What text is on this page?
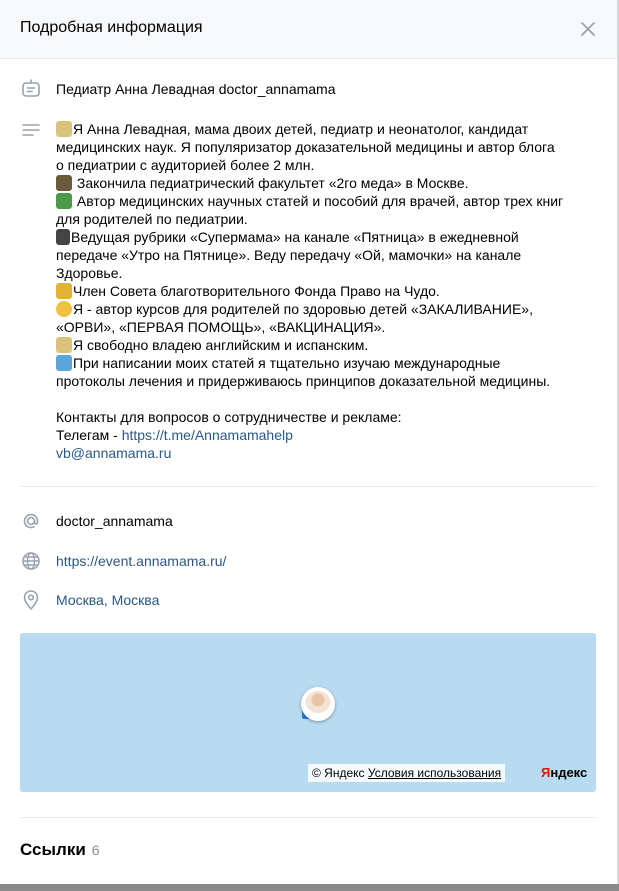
Подробная информация
Педиатр Анна Левадная doctor_annamama

Я Анна Левадная, мама двоих детей, педиатр и неонатолог, кандидат

медицинских наук. Я популяризатор доказательной медицины и автор блога

о педиатрии с аудиторией более 2 млн.

Закончила педиатрический факультет «2го меда» в Москве.

Автор медицинских научных статей и пособий для врачей, автор трех книг

для родителей по педиатрии.

Ведущая рубрики «Супермама» на канале «Пятница» в ежедневной

передаче «Утро на Пятнице». Веду передачу «Ой, мамочки» на канале

Здоровье.

Член Совета благотворительного Фонда Право на Чудо.

Я - автор курсов для родителей по здоровью детей «ЗАКАЛИВАНИЕ»,

«ОРВИ», «ПЕРВАЯ ПОМОЩЬ», «ВАКЦИНАЦИЯ».

Я свободно владею английским и испанским.

При написании моих статей я тщательно изучаю международные

протоколы лечения и придерживаюсь принципов доказательной медицины.

Контакты для вопросов о сотрудничестве и рекламе:

Телегам - https://t.me/Annamamahelp

vb@annamama.ru

doctor_annamama
https://event.annamama.ru/
Москва, Москва
© Яндекс Условия использования	Яндекс
Ссылки 6
